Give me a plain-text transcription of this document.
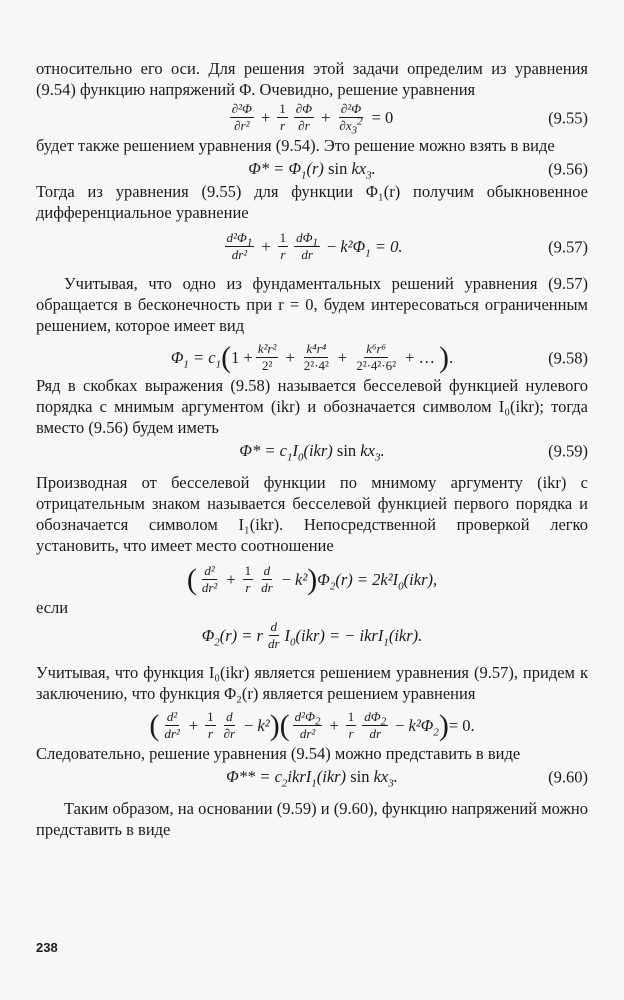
относительно его оси. Для решения этой задачи определим из уравнения (9.54) функцию напряжений Φ. Очевидно, решение уравнения

$\frac{\text{∂²Φ}}{\text{∂r²}} + \frac{1}{r} \frac{\partial\Phi}{\partial r} + \frac{\text{∂²Φ}}{\partial x_3^2} = 0$	(9.55)

будет также решением уравнения (9.54). Это решение можно взять в виде

$\Phi* = \Phi_1(r)$ $\sin kx_3$.	(9.56)

Тогда из уравнения (9.55) для функции Φ₁(r) получим обыкновенное дифференциальное уравнение

$\frac{d^2\Phi_1}{\text{dr²}} + \frac{1}{r} \frac{d\Phi_1}{dr} - k^2\Phi_1 = 0$.	(9.57)

Учитывая, что одно из фундаментальных решений уравнения (9.57) обращается в бесконечность при r = 0, будем интересоваться ограниченным решением, которое имеет вид

$\Phi_1 = c_1$ ( $1 + \frac{\text{k²r²}}{\text{2²}} + \frac{\text{k⁴r⁴}}{\text{2²·4²}} + \frac{\text{k⁶r⁶}}{\text{2²·4²·6²}}$ + … ) .	(9.58)

Ряд в скобках выражения (9.58) называется бесселевой функцией нулевого порядка с мнимым аргументом (ikr) и обозначается символом I₀(ikr); тогда вместо (9.56) будем иметь

$\Phi* = c_1I_0(ikr)$ $\sin kx_3$.	(9.59)

Производная от бесселевой функции по мнимому аргументу (ikr) с отрицательным знаком называется бесселевой функцией первого порядка и обозначается символом I₁(ikr). Непосредственной проверкой легко установить, что имеет место соотношение

( $\frac{\text{d²}}{\text{dr²}} + \frac{1}{r} \frac{d}{dr} - k^2$ ) $\Phi_2(r) = 2k^2I_0(ikr)$,

если

$\Phi_2(r) = r \frac{d}{dr} I_0(ikr)$ = − ikrI$_1$(ikr).

Учитывая, что функция I₀(ikr) является решением уравнения (9.57), придем к заключению, что функция Φ₂(r) является решением уравнения

( $\frac{\text{d²}}{\text{dr²}} + \frac{1}{r} \frac{d}{\partial r} - k^2$ )( $\frac{d^2\Phi_2}{\text{dr²}} + \frac{1}{r} \frac{d\Phi_2}{dr} - k^2\Phi_2$ ) = 0.

Следовательно, решение уравнения (9.54) можно представить в виде

$\Phi** = c_2ikrI_1(ikr)$ $\sin kx_3$.	(9.60)

Таким образом, на основании (9.59) и (9.60), функцию напряжений можно представить в виде

238
